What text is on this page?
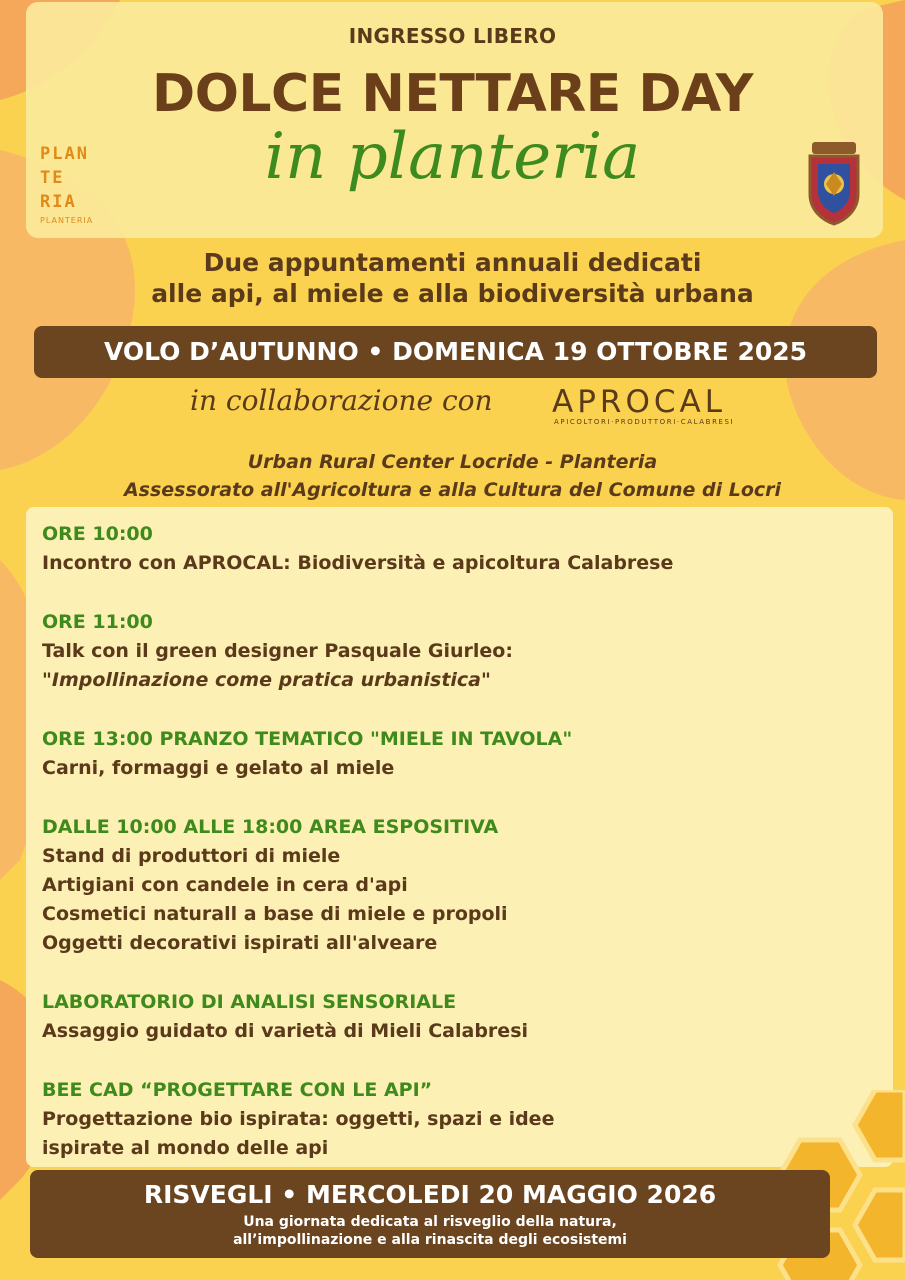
INGRESSO LIBERO
DOLCE NETTARE DAY
in planteria
PLAN
TE
RIA
PLANTERIA
Due appuntamenti annuali dedicati
alle api, al miele e alla biodiversità urbana
VOLO D’AUTUNNO • DOMENICA 19 OTTOBRE 2025
in collaborazione con APROCAL
APICOLTORI·PRODUTTORI·CALABRESI
Urban Rural Center Locride - Planteria
Assessorato all'Agricoltura e alla Cultura del Comune di Locri
ORE 10:00
Incontro con APROCAL: Biodiversità e apicoltura Calabrese
ORE 11:00
Talk con il green designer Pasquale Giurleo:
"Impollinazione come pratica urbanistica"
ORE 13:00 PRANZO TEMATICO "MIELE IN TAVOLA"
Carni, formaggi e gelato al miele
DALLE 10:00 ALLE 18:00 AREA ESPOSITIVA
Stand di produttori di miele
Artigiani con candele in cera d'api
Cosmetici naturall a base di miele e propoli
Oggetti decorativi ispirati all'alveare
LABORATORIO DI ANALISI SENSORIALE
Assaggio guidato di varietà di Mieli Calabresi
BEE CAD “PROGETTARE CON LE API”
Progettazione bio ispirata: oggetti, spazi e idee
ispirate al mondo delle api
RISVEGLI • MERCOLEDI 20 MAGGIO 2026
Una giornata dedicata al risveglio della natura,
all’impollinazione e alla rinascita degli ecosistemi
